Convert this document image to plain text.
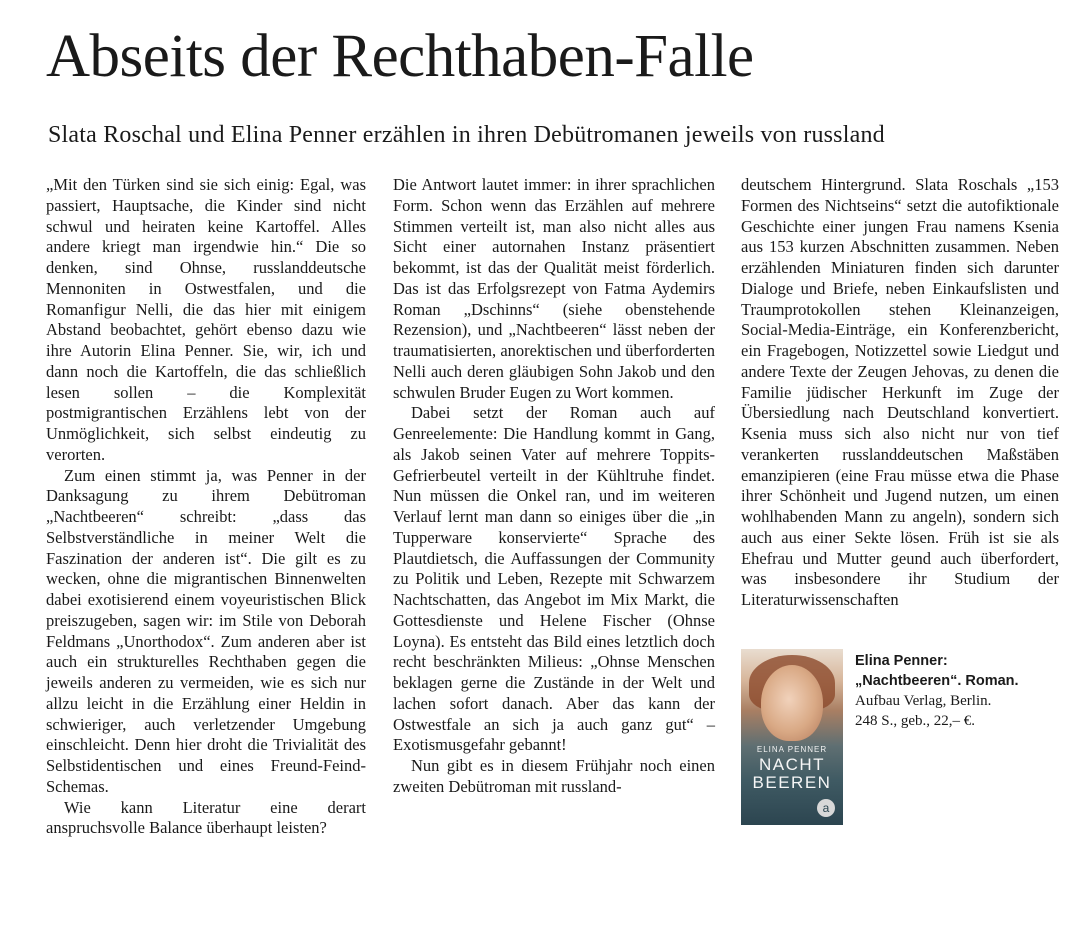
Abseits der Rechthaben-Falle
Slata Roschal und Elina Penner erzählen in ihren Debütromanen jeweils von russland

„Mit den Türken sind sie sich einig: Egal, was passiert, Hauptsache, die Kinder sind nicht schwul und heiraten keine Kartoffel. Alles andere kriegt man irgendwie hin.“ Die so denken, sind Ohnse, russlanddeutsche Mennoniten in Ostwestfalen, und die Romanfigur Nelli, die das hier mit einigem Abstand beobachtet, gehört ebenso dazu wie ihre Autorin Elina Penner. Sie, wir, ich und dann noch die Kartoffeln, die das schließlich lesen sollen – die Komplexität postmigrantischen Erzählens lebt von der Unmöglichkeit, sich selbst eindeutig zu verorten.

Zum einen stimmt ja, was Penner in der Danksagung zu ihrem Debütroman „Nachtbeeren“ schreibt: „dass das Selbstverständliche in meiner Welt die Faszination der anderen ist“. Die gilt es zu wecken, ohne die migrantischen Binnenwelten dabei exotisierend einem voyeuristischen Blick preiszugeben, sagen wir: im Stile von Deborah Feldmans „Unorthodox“. Zum anderen aber ist auch ein strukturelles Rechthaben gegen die jeweils anderen zu vermeiden, wie es sich nur allzu leicht in die Erzählung einer Heldin in schwieriger, auch verletzender Umgebung einschleicht. Denn hier droht die Trivialität des Selbstidentischen und eines Freund-Feind-Schemas.

Wie kann Literatur eine derart anspruchsvolle Balance überhaupt leisten?

Die Antwort lautet immer: in ihrer sprachlichen Form. Schon wenn das Erzählen auf mehrere Stimmen verteilt ist, man also nicht alles aus Sicht einer autornahen Instanz präsentiert bekommt, ist das der Qualität meist förderlich. Das ist das Erfolgsrezept von Fatma Aydemirs Roman „Dschinns“ (siehe obenstehende Rezension), und „Nachtbeeren“ lässt neben der traumatisierten, anorektischen und überforderten Nelli auch deren gläubigen Sohn Jakob und den schwulen Bruder Eugen zu Wort kommen.

Dabei setzt der Roman auch auf Genreelemente: Die Handlung kommt in Gang, als Jakob seinen Vater auf mehrere Toppits-Gefrierbeutel verteilt in der Kühltruhe findet. Nun müssen die Onkel ran, und im weiteren Verlauf lernt man dann so einiges über die „in Tupperware konservierte“ Sprache des Plautdietsch, die Auffassungen der Community zu Politik und Leben, Rezepte mit Schwarzem Nachtschatten, das Angebot im Mix Markt, die Gottesdienste und Helene Fischer (Ohnse Loyna). Es entsteht das Bild eines letztlich doch recht beschränkten Milieus: „Ohnse Menschen beklagen gerne die Zustände in der Welt und lachen sofort danach. Aber das kann der Ostwestfale an sich ja auch ganz gut“ – Exotismusgefahr gebannt!

Nun gibt es in diesem Frühjahr noch einen zweiten Debütroman mit russland-

deutschem Hintergrund. Slata Roschals „153 Formen des Nichtseins“ setzt die autofiktionale Geschichte einer jungen Frau namens Ksenia aus 153 kurzen Abschnitten zusammen. Neben erzählenden Miniaturen finden sich darunter Dialoge und Briefe, neben Einkaufslisten und Traumprotokollen stehen Kleinanzeigen, Social-Media-Einträge, ein Konferenzbericht, ein Fragebogen, Notizzettel sowie Liedgut und andere Texte der Zeugen Jehovas, zu denen die Familie jüdischer Herkunft im Zuge der Übersiedlung nach Deutschland konvertiert. Ksenia muss sich also nicht nur von tief verankerten russlanddeutschen Maßstäben emanzipieren (eine Frau müsse etwa die Phase ihrer Schönheit und Jugend nutzen, um einen wohlhabenden Mann zu angeln), sondern sich auch aus einer Sekte lösen. Früh ist sie als Ehefrau und Mutter geund auch überfordert, was insbesondere ihr Studium der Literaturwissenschaften

ELINA PENNER
NACHT
BEEREN
a
Elina Penner:
„Nachtbeeren“. Roman.
Aufbau Verlag, Berlin.
248 S., geb., 22,– €.
